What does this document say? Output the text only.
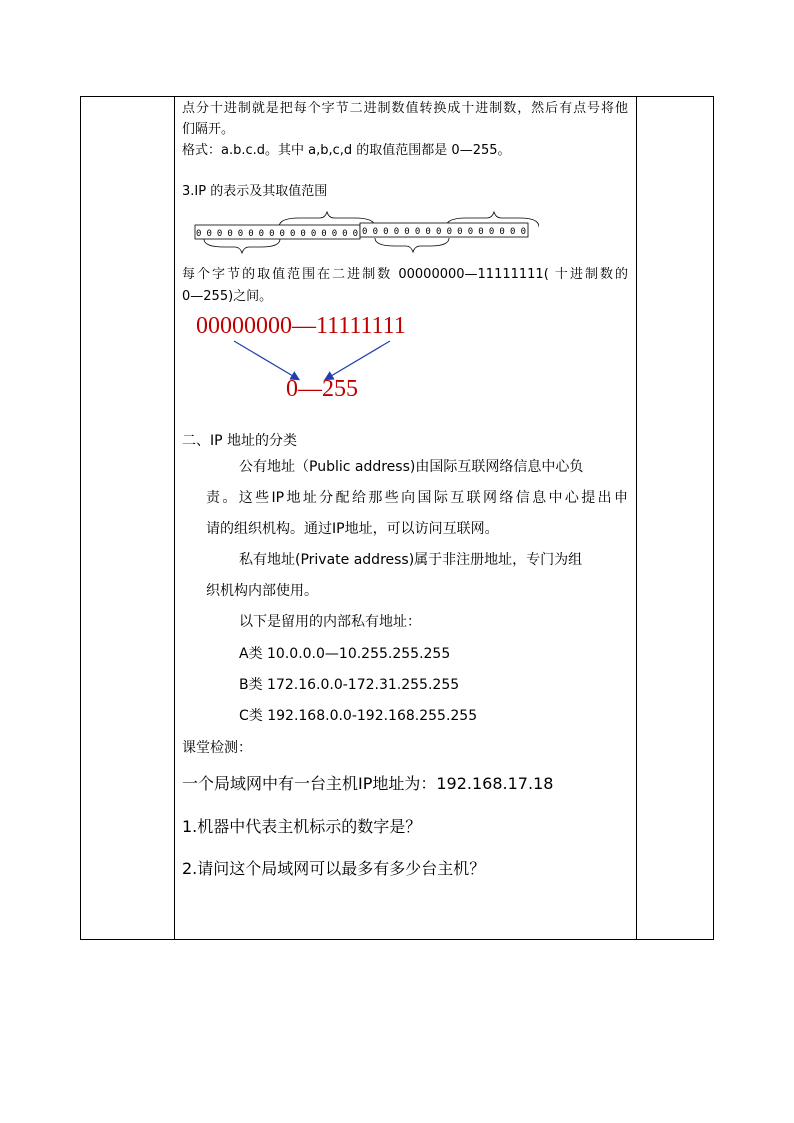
点分十进制就是把每个字节二进制数值转换成十进制数，然后有点号将他
们隔开。
格式：a.b.c.d。其中 a,b,c,d 的取值范围都是 0—255。
3.IP 的表示及其取值范围
0000000000000000 0000000000000000
每个字节的取值范围在二进制数 00000000—11111111( 十进制数的
0—255)之间。
00000000—11111111
0—255
二、IP 地址的分类
公有地址（Public address)由国际互联网络信息中心负
责。这些IP地址分配给那些向国际互联网络信息中心提出申
请的组织机构。通过IP地址，可以访问互联网。
私有地址(Private address)属于非注册地址，专门为组
织机构内部使用。
以下是留用的内部私有地址：
A类 10.0.0.0—10.255.255.255
B类 172.16.0.0-172.31.255.255
C类 192.168.0.0-192.168.255.255
课堂检测：
一个局域网中有一台主机IP地址为：192.168.17.18
1.机器中代表主机标示的数字是？
2.请问这个局域网可以最多有多少台主机？
